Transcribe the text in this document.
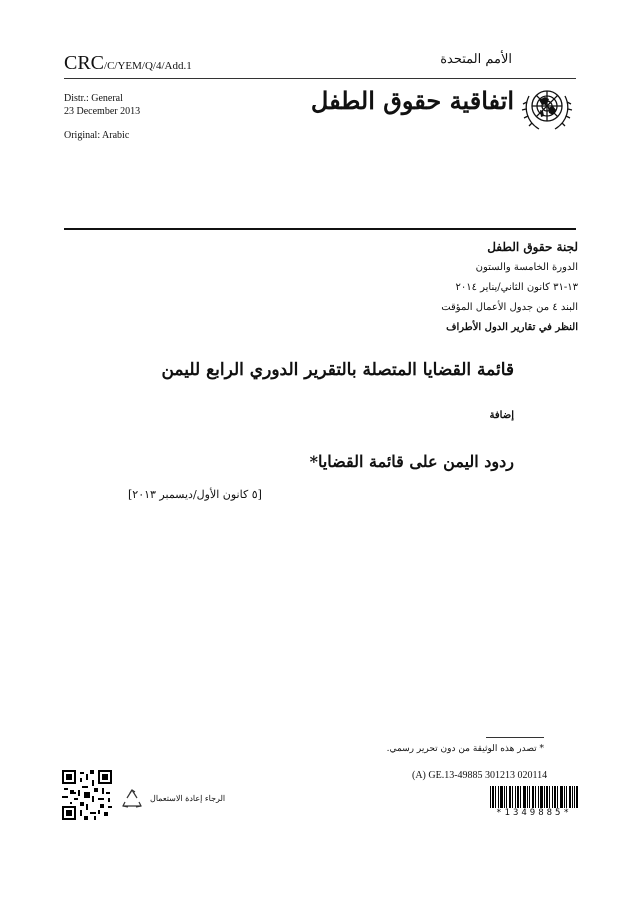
CRC/C/YEM/Q/4/Add.1	الأمم المتحدة
Distr.: General
23 December 2013
Original: Arabic
اتفاقية حقوق الطفل
لجنة حقوق الطفل
الدورة الخامسة والستون
١٣-٣١ كانون الثاني/يناير ٢٠١٤
البند ٤ من جدول الأعمال المؤقت
النظر في تقارير الدول الأطراف
قائمة القضايا المتصلة بالتقرير الدوري الرابع لليمن
إضافة
ردود اليمن على قائمة القضايا*
[٥ كانون الأول/ديسمبر ٢٠١٣]
* تصدر هذه الوثيقة من دون تحرير رسمي.
(A) GE.13-49885 301213 020114
الرجاء إعادة الاستعمال
*1349885*
